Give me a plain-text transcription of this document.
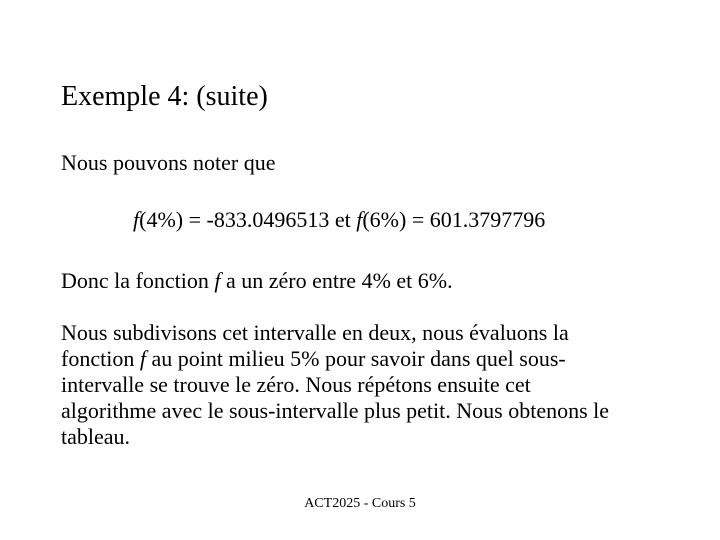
Exemple 4: (suite)
Nous pouvons noter que
f(4%) = -833.0496513 et f(6%) = 601.3797796
Donc la fonction f a un zéro entre 4% et 6%.
Nous subdivisons cet intervalle en deux, nous évaluons la
fonction f au point milieu 5% pour savoir dans quel sous-
intervalle se trouve le zéro. Nous répétons ensuite cet
algorithme avec le sous-intervalle plus petit. Nous obtenons le
tableau.
ACT2025 - Cours 5
